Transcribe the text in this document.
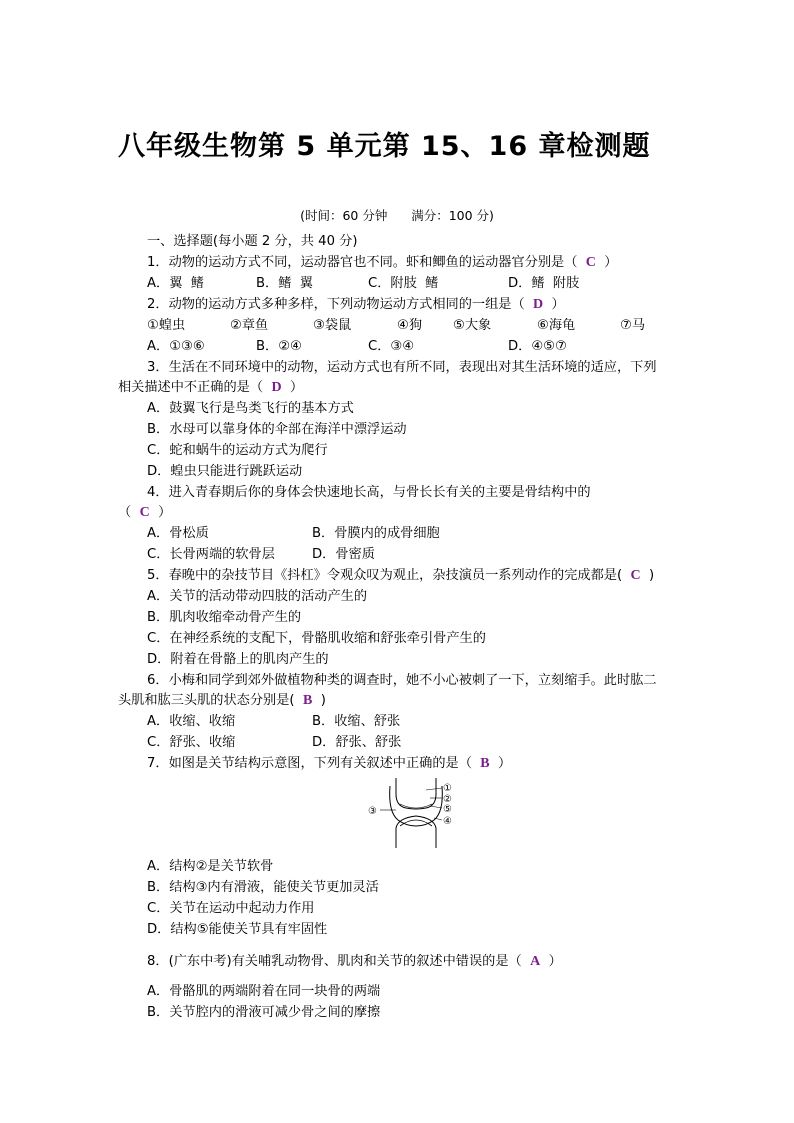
八年级生物第 5 单元第 15、16 章检测题
(时间：60 分钟      满分：100 分)
一、选择题(每小题 2 分，共 40 分)
1．动物的运动方式不同，运动器官也不同。虾和鲫鱼的运动器官分别是（  C  ）
A．翼  鳍	B．鳍  翼	C．附肢  鳍	D．鳍  附肢
2．动物的运动方式多种多样，下列动物运动方式相同的一组是（  D  ）
①蝗虫	②章鱼	③袋鼠	④狗 ⑤大象	⑥海龟	⑦马
A．①③⑥	B．②④	C．③④	D．④⑤⑦
3．生活在不同环境中的动物，运动方式也有所不同，表现出对其生活环境的适应，下列
相关描述中不正确的是（  D  ）
A．鼓翼飞行是鸟类飞行的基本方式
B．水母可以靠身体的伞部在海洋中漂浮运动
C．蛇和蜗牛的运动方式为爬行
D．蝗虫只能进行跳跃运动
4．进入青春期后你的身体会快速地长高，与骨长长有关的主要是骨结构中的
（  C  ）
A．骨松质	B．骨膜内的成骨细胞
C．长骨两端的软骨层	D．骨密质
5．春晚中的杂技节目《抖杠》令观众叹为观止，杂技演员一系列动作的完成都是(  C  )
A．关节的活动带动四肢的活动产生的
B．肌肉收缩牵动骨产生的
C．在神经系统的支配下，骨骼肌收缩和舒张牵引骨产生的
D．附着在骨骼上的肌肉产生的
6．小梅和同学到郊外做植物种类的调查时，她不小心被刺了一下，立刻缩手。此时肱二
头肌和肱三头肌的状态分别是(  B  )
A．收缩、收缩	B．收缩、舒张
C．舒张、收缩	D．舒张、舒张
7．如图是关节结构示意图，下列有关叙述中正确的是（  B  ）
③
①
②
⑤
④
A．结构②是关节软骨
B．结构③内有滑液，能使关节更加灵活
C．关节在运动中起动力作用
D．结构⑤能使关节具有牢固性
8．(广东中考)有关哺乳动物骨、肌肉和关节的叙述中错误的是（  A  ）
A．骨骼肌的两端附着在同一块骨的两端
B．关节腔内的滑液可减少骨之间的摩擦
